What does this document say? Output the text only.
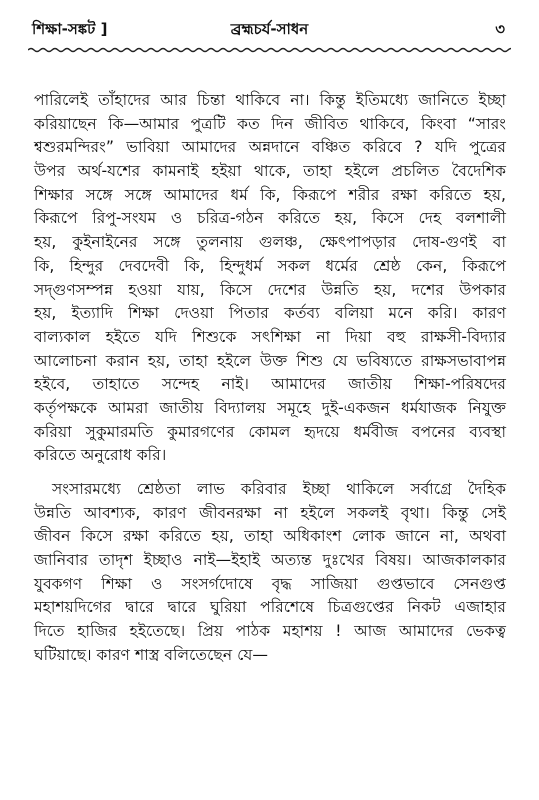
শিক্ষা-সঙ্কট ]	ব্রহ্মচর্য-সাধন	৩
পারিলেই তাঁহাদের আর চিন্তা থাকিবে না। কিন্তু ইতিমধ্যে জানিতে ইচ্ছা
করিয়াছেন কি—আমার পুত্রটি কত দিন জীবিত থাকিবে, কিংবা “সারং
শ্বশুরমন্দিরং” ভাবিয়া আমাদের অন্নদানে বঞ্চিত করিবে ? যদি পুত্রের
উপর অর্থ-যশের কামনাই হইয়া থাকে, তাহা হইলে প্রচলিত বৈদেশিক
শিক্ষার সঙ্গে সঙ্গে আমাদের ধর্ম কি, কিরূপে শরীর রক্ষা করিতে হয়,
কিরূপে রিপু-সংযম ও চরিত্র-গঠন করিতে হয়, কিসে দেহ বলশালী
হয়, কুইনাইনের সঙ্গে তুলনায় গুলঞ্চ, ক্ষেৎপাপড়ার দোষ-গুণই বা
কি, হিন্দুর দেবদেবী কি, হিন্দুধর্ম সকল ধর্মের শ্রেষ্ঠ কেন, কিরূপে
সদ্গুণসম্পন্ন হওয়া যায়, কিসে দেশের উন্নতি হয়, দশের উপকার
হয়, ইত্যাদি শিক্ষা দেওয়া পিতার কর্তব্য বলিয়া মনে করি। কারণ
বাল্যকাল হইতে যদি শিশুকে সৎশিক্ষা না দিয়া বহু রাক্ষসী-বিদ্যার
আলোচনা করান হয়, তাহা হইলে উক্ত শিশু যে ভবিষ্যতে রাক্ষসভাবাপন্ন
হইবে, তাহাতে সন্দেহ নাই। আমাদের জাতীয় শিক্ষা-পরিষদের
কর্তৃপক্ষকে আমরা জাতীয় বিদ্যালয় সমূহে দুই-একজন ধর্মযাজক নিযুক্ত
করিয়া সুকুমারমতি কুমারগণের কোমল হৃদয়ে ধর্মবীজ বপনের ব্যবস্থা
করিতে অনুরোধ করি।
সংসারমধ্যে শ্রেষ্ঠতা লাভ করিবার ইচ্ছা থাকিলে সর্বাগ্রে দৈহিক
উন্নতি আবশ্যক, কারণ জীবনরক্ষা না হইলে সকলই বৃথা। কিন্তু সেই
জীবন কিসে রক্ষা করিতে হয়, তাহা অধিকাংশ লোক জানে না, অথবা
জানিবার তাদৃশ ইচ্ছাও নাই—ইহাই অত্যন্ত দুঃখের বিষয়। আজকালকার
যুবকগণ শিক্ষা ও সংসর্গদোষে বৃদ্ধ সাজিয়া গুপ্তভাবে সেনগুপ্ত
মহাশয়দিগের দ্বারে দ্বারে ঘুরিয়া পরিশেষে চিত্রগুপ্তের নিকট এজাহার
দিতে হাজির হইতেছে। প্রিয় পাঠক মহাশয় ! আজ আমাদের ভেকত্ব
ঘটিয়াছে। কারণ শাস্ত্র বলিতেছেন যে—
